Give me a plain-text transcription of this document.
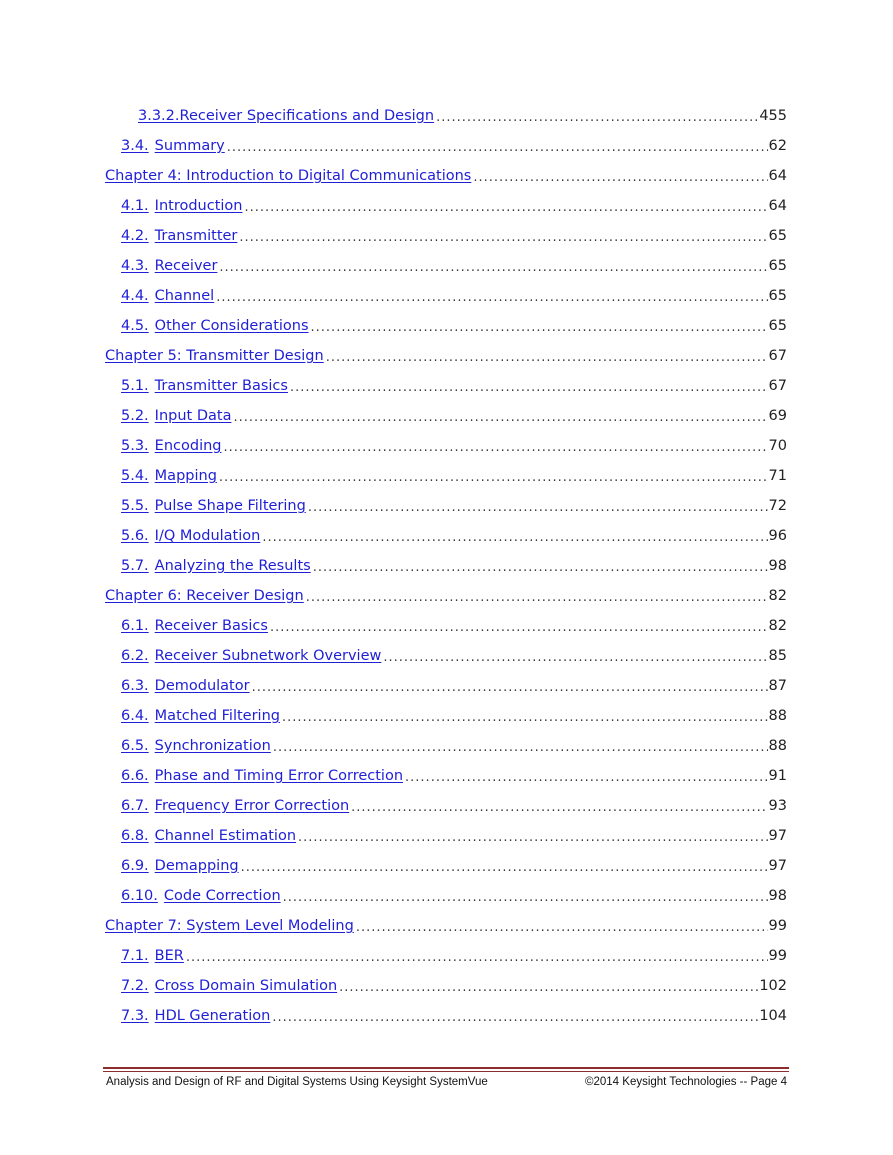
3.3.2. Receiver Specifications and Design .....	455
3.4. Summary .....	62
Chapter 4: Introduction to Digital Communications .....	64
4.1. Introduction .....	64
4.2. Transmitter .....	65
4.3. Receiver .....	65
4.4. Channel .....	65
4.5. Other Considerations .....	65
Chapter 5: Transmitter Design .....	67
5.1. Transmitter Basics .....	67
5.2. Input Data .....	69
5.3. Encoding .....	70
5.4. Mapping .....	71
5.5. Pulse Shape Filtering .....	72
5.6. I/Q Modulation .....	96
5.7. Analyzing the Results .....	98
Chapter 6: Receiver Design .....	82
6.1. Receiver Basics .....	82
6.2. Receiver Subnetwork Overview .....	85
6.3. Demodulator .....	87
6.4. Matched Filtering .....	88
6.5. Synchronization .....	88
6.6. Phase and Timing Error Correction .....	91
6.7. Frequency Error Correction .....	93
6.8. Channel Estimation .....	97
6.9. Demapping .....	97
6.10. Code Correction .....	98
Chapter 7: System Level Modeling .....	99
7.1. BER .....	99
7.2. Cross Domain Simulation .....	102
7.3. HDL Generation .....	104
Analysis and Design of RF and Digital Systems Using Keysight SystemVue	©2014 Keysight Technologies -- Page 4
